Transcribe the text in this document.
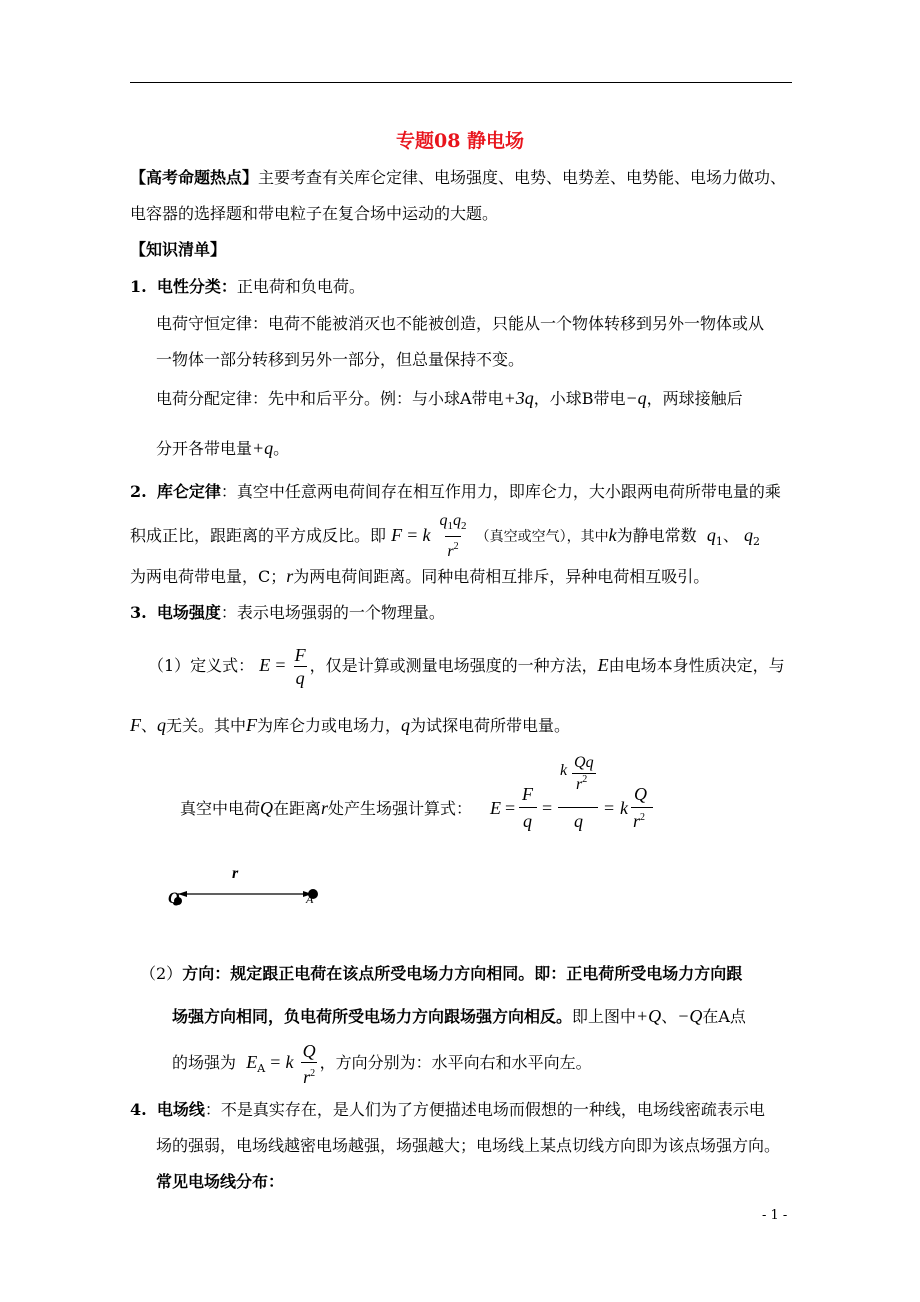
专题08 静电场
【高考命题热点】主要考查有关库仑定律、电场强度、电势、电势差、电势能、电场力做功、
电容器的选择题和带电粒子在复合场中运动的大题。
【知识清单】
1. 电性分类：正电荷和负电荷。
电荷守恒定律：电荷不能被消灭也不能被创造，只能从一个物体转移到另外一物体或从
一物体一部分转移到另外一部分，但总量保持不变。
电荷分配定律：先中和后平分。例：与小球A带电+3q，小球B带电−q，两球接触后
分开各带电量+q。
2. 库仑定律：真空中任意两电荷间存在相互作用力，即库仑力，大小跟两电荷所带电量的乘
积成正比，跟距离的平方成反比。即 F = k $\frac{q_1q_2}{r^2}$ （真空或空气），其中k为静电常数 $q_1$、 $q_2$
为两电荷带电量，C；r为两电荷间距离。同种电荷相互排斥，异种电荷相互吸引。
3. 电场强度：表示电场强弱的一个物理量。
（1）定义式： $E = \frac{F}{q}$ ，仅是计算或测量电场强度的一种方法，E由电场本身性质决定，与
F、q无关。其中F为库仑力或电场力，q为试探电荷所带电量。
真空中电荷Q在距离r处产生场强计算式： E =
F
q
=
k Qq
$r^2$
q
= k
Q
$r^2$
r
Q	A
（2）方向：规定跟正电荷在该点所受电场力方向相同。即：正电荷所受电场力方向跟
场强方向相同，负电荷所受电场力方向跟场强方向相反。即上图中+Q、−Q在A点
的场强为 $E_A = k \frac{Q}{r^2}$ ，方向分别为：水平向右和水平向左。
4. 电场线：不是真实存在，是人们为了方便描述电场而假想的一种线，电场线密疏表示电
场的强弱，电场线越密电场越强，场强越大；电场线上某点切线方向即为该点场强方向。
常见电场线分布：
- 1 -
